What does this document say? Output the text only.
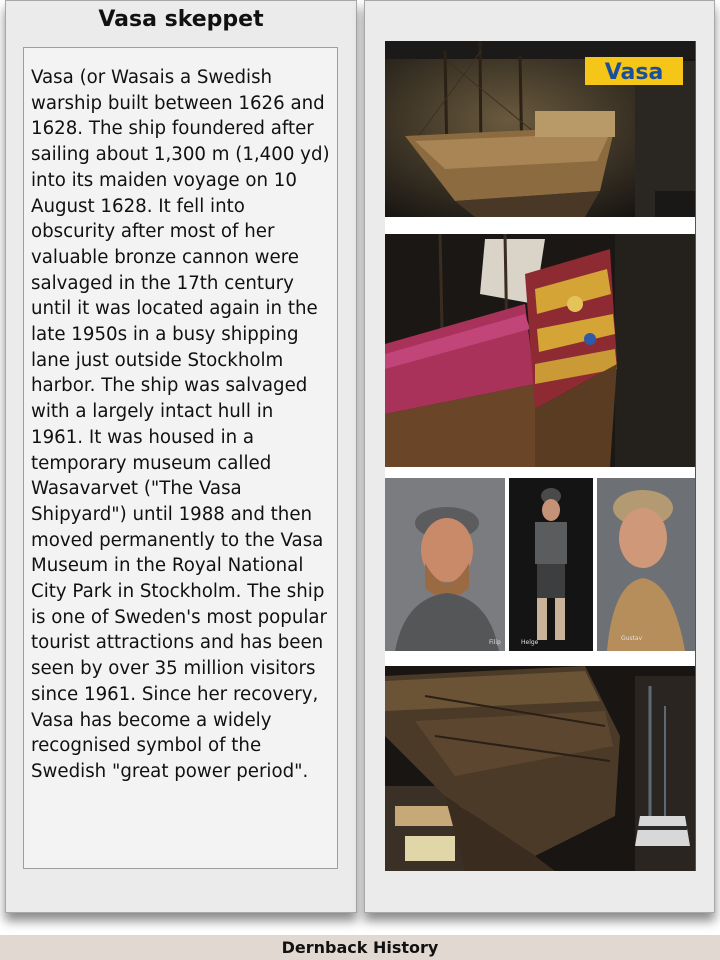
Vasa skeppet
Vasa (or Wasais a Swedish warship built between 1626 and 1628. The ship foundered after sailing about 1,300 m (1,400 yd) into its maiden voyage on 10 August 1628. It fell into obscurity after most of her valuable bronze cannon were salvaged in the 17th century until it was located again in the late 1950s in a busy shipping lane just outside Stockholm harbor. The ship was salvaged with a largely intact hull in 1961. It was housed in a temporary museum called Wasavarvet ("The Vasa Shipyard") until 1988 and then moved permanently to the Vasa Museum in the Royal National City Park in Stockholm. The ship is one of Sweden's most popular tourist attractions and has been seen by over 35 million visitors since 1961. Since her recovery, Vasa has become a widely recognised symbol of the Swedish "great power period".
Vasa
Filip	Helge
Gustav
Dernback History
